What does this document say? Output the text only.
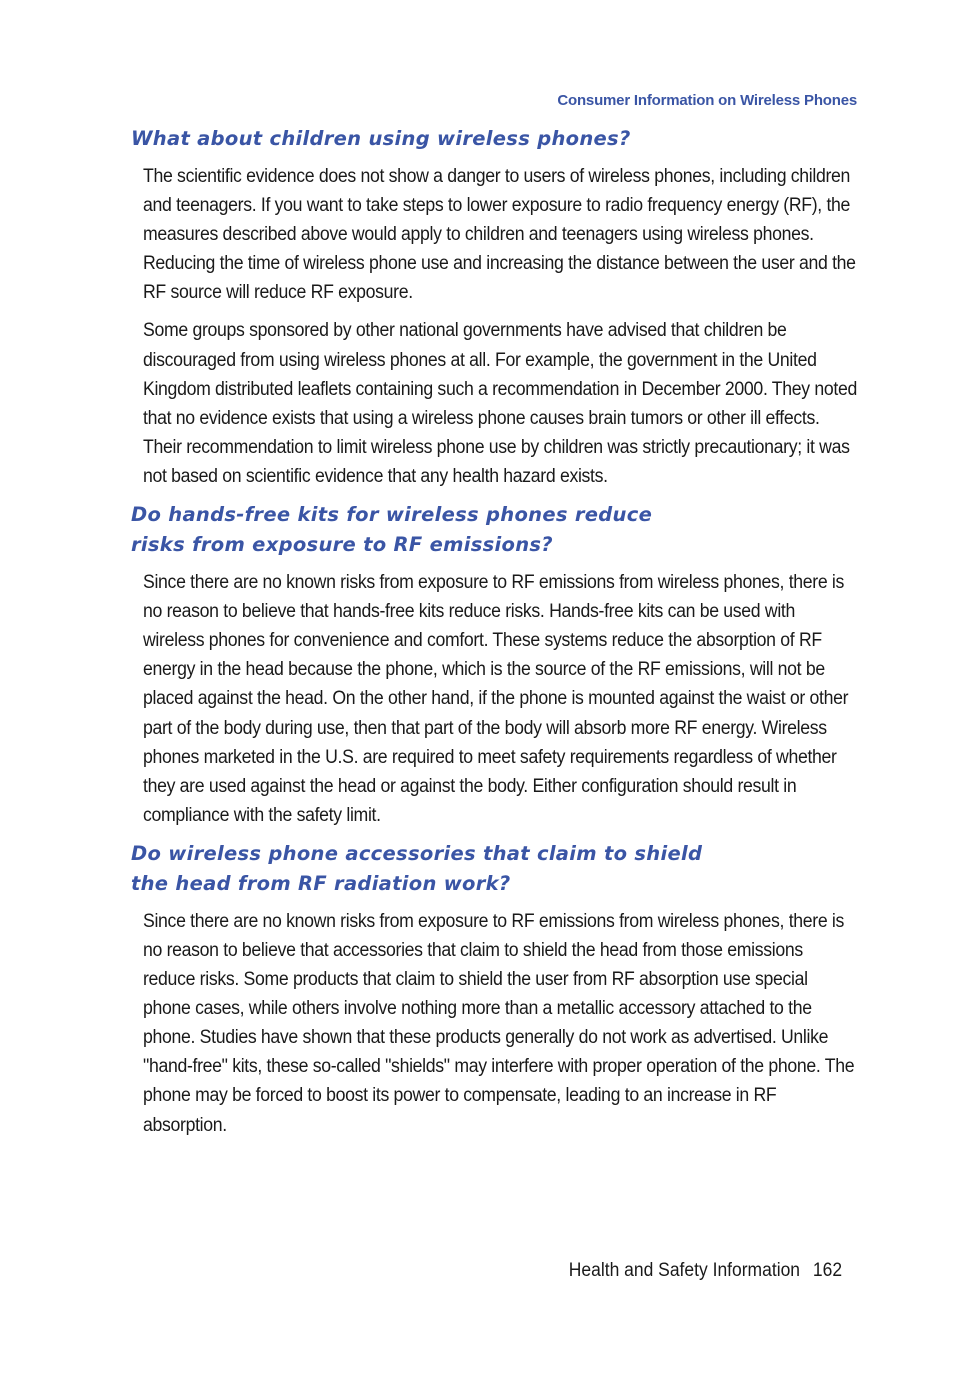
Consumer Information on Wireless Phones
What about children using wireless phones?

The scientific evidence does not show a danger to users of wireless phones, including children and teenagers. If you want to take steps to lower exposure to radio frequency energy (RF), the measures described above would apply to children and teenagers using wireless phones. Reducing the time of wireless phone use and increasing the distance between the user and the RF source will reduce RF exposure.

Some groups sponsored by other national governments have advised that children be discouraged from using wireless phones at all. For example, the government in the United Kingdom distributed leaflets containing such a recommendation in December 2000. They noted that no evidence exists that using a wireless phone causes brain tumors or other ill effects. Their recommendation to limit wireless phone use by children was strictly precautionary; it was not based on scientific evidence that any health hazard exists.

Do hands-free kits for wireless phones reduce
risks from exposure to RF emissions?

Since there are no known risks from exposure to RF emissions from wireless phones, there is no reason to believe that hands-free kits reduce risks. Hands-free kits can be used with wireless phones for convenience and comfort. These systems reduce the absorption of RF energy in the head because the phone, which is the source of the RF emissions, will not be placed against the head. On the other hand, if the phone is mounted against the waist or other part of the body during use, then that part of the body will absorb more RF energy. Wireless phones marketed in the U.S. are required to meet safety requirements regardless of whether they are used against the head or against the body. Either configuration should result in compliance with the safety limit.

Do wireless phone accessories that claim to shield
the head from RF radiation work?

Since there are no known risks from exposure to RF emissions from wireless phones, there is no reason to believe that accessories that claim to shield the head from those emissions reduce risks. Some products that claim to shield the user from RF absorption use special phone cases, while others involve nothing more than a metallic accessory attached to the phone. Studies have shown that these products generally do not work as advertised. Unlike "hand-free" kits, these so-called "shields" may interfere with proper operation of the phone. The phone may be forced to boost its power to compensate, leading to an increase in RF absorption.

Health and Safety Information 162
